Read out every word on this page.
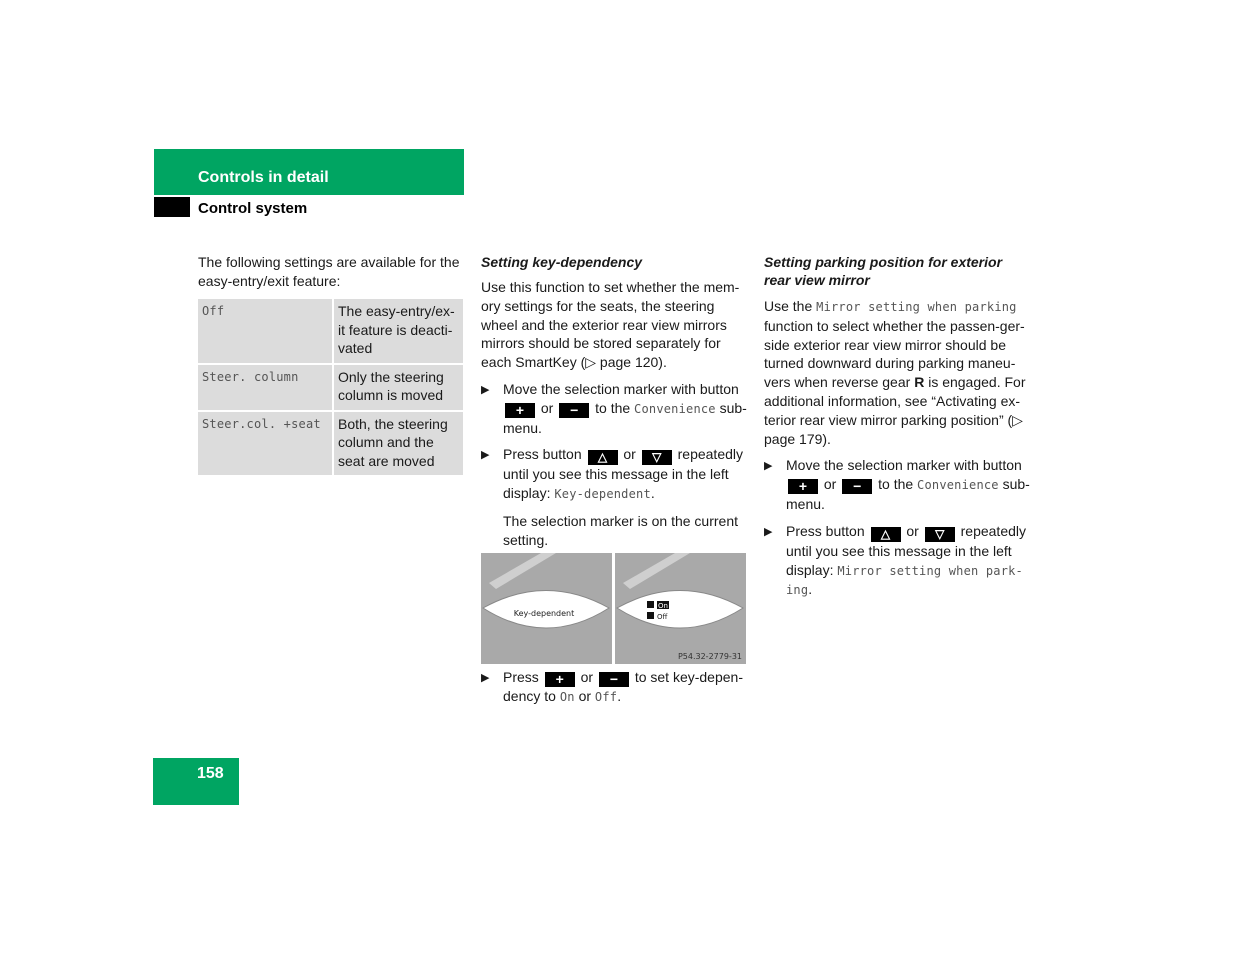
Controls in detail
Control system

The following settings are available for the easy-entry/exit feature:

Off	The easy-entry/ex-it feature is deacti-vated
Steer. column	Only the steering column is moved
Steer.col. +seat	Both, the steering column and the seat are moved

Setting key-dependency

Use this function to set whether the mem-ory settings for the seats, the steering wheel and the exterior rear view mirrors mirrors should be stored separately for each SmartKey (▷ page 120).

▶ Move the selection marker with button + or − to the Convenience sub-menu.
▶ Press button △ or ▽ repeatedly until you see this message in the left display: Key-dependent.

The selection marker is on the current setting.

Key-dependent
On
Off
P54.32-2779-31
▶ Press + or − to set key-depen-dency to On or Off.

Setting parking position for exterior rear view mirror

Use the Mirror setting when parking function to select whether the passen-ger-side exterior rear view mirror should be turned downward during parking maneu-vers when reverse gear R is engaged. For additional information, see “Activating ex-terior rear view mirror parking position” (▷ page 179).

▶ Move the selection marker with button + or − to the Convenience sub-menu.
▶ Press button △ or ▽ repeatedly until you see this message in the left display: Mirror setting when park-ing.
158
